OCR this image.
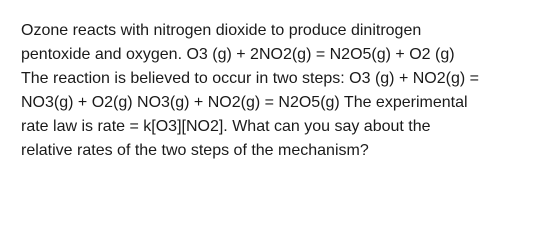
Ozone reacts with nitrogen dioxide to produce dinitrogen
pentoxide and oxygen. O3 (g) + 2NO2(g) = N2O5(g) + O2 (g)
The reaction is believed to occur in two steps: O3 (g) + NO2(g) =
NO3(g) + O2(g) NO3(g) + NO2(g) = N2O5(g) The experimental
rate law is rate = k[O3][NO2]. What can you say about the
relative rates of the two steps of the mechanism?
